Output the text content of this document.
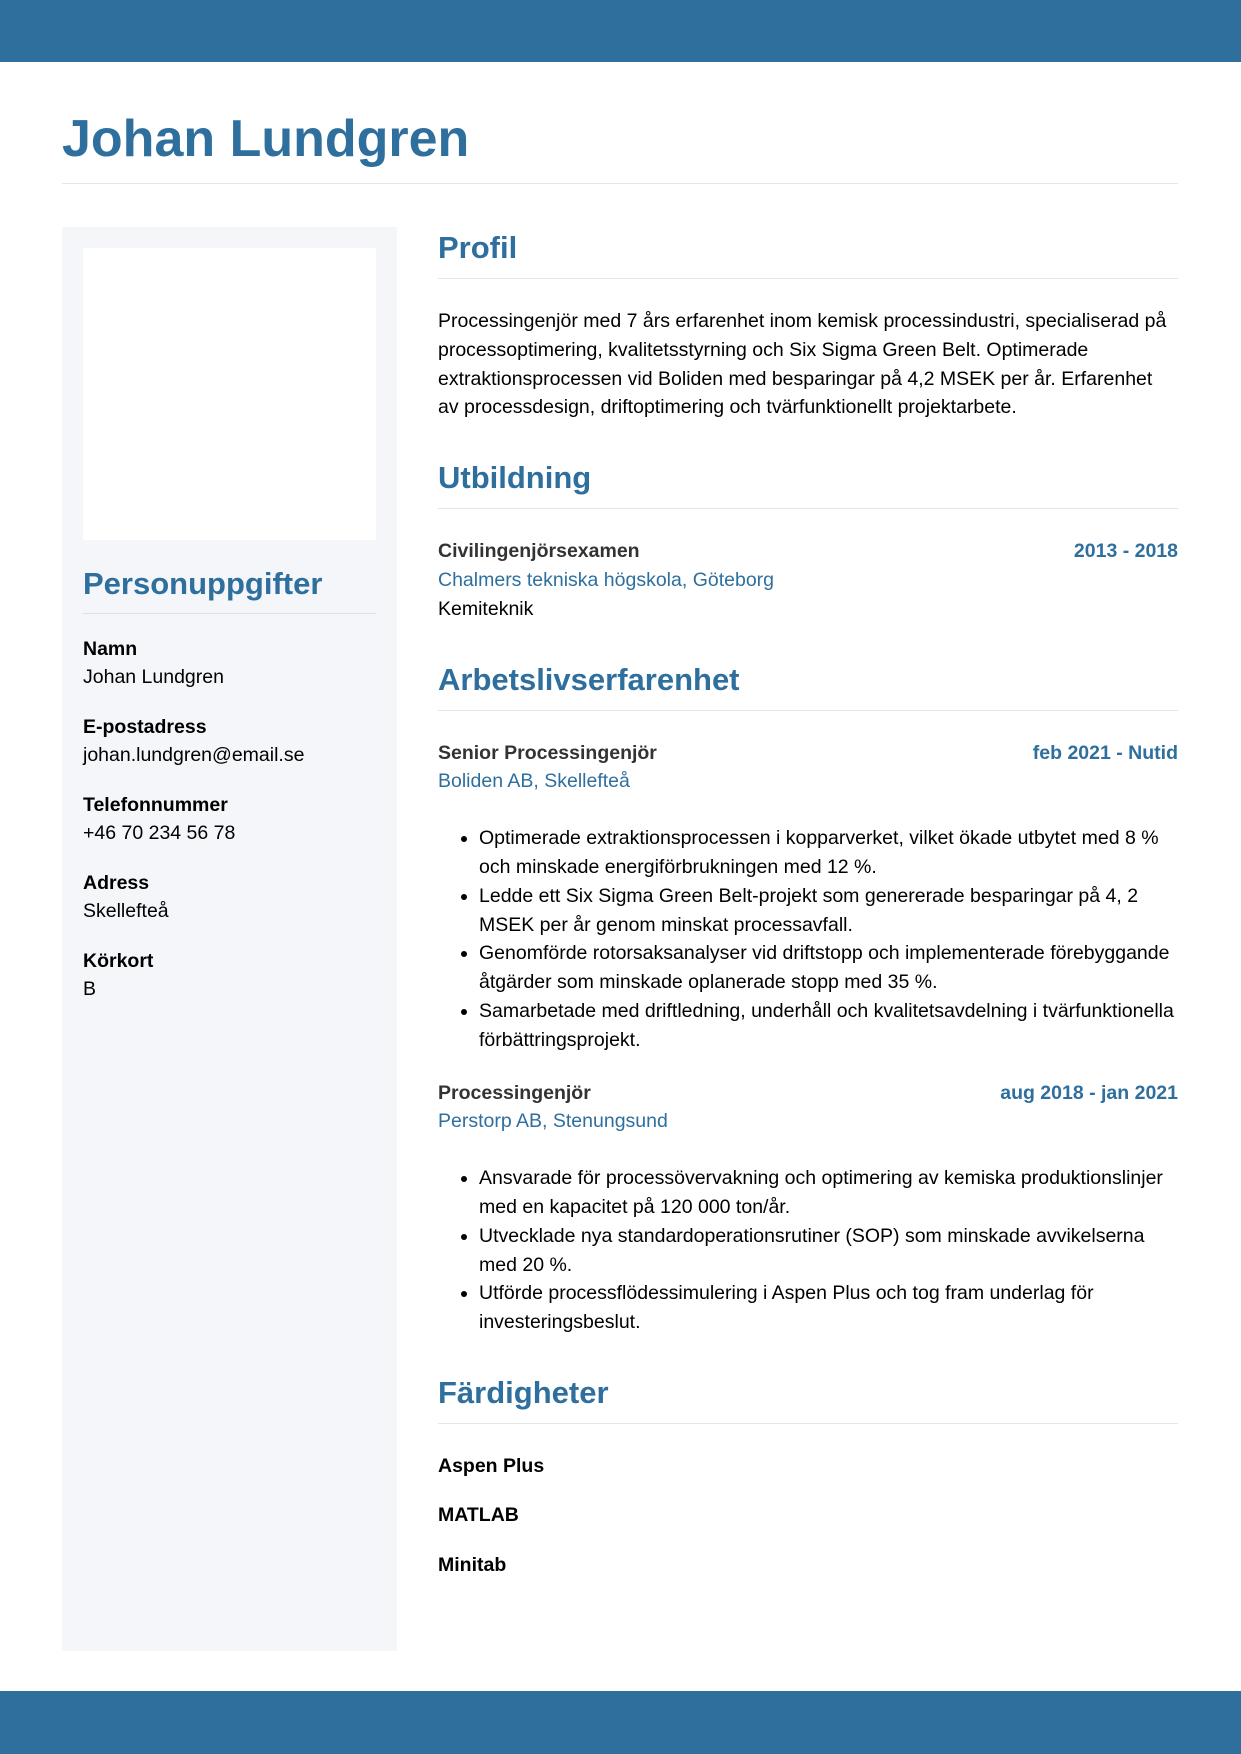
Johan Lundgren
Personuppgifter
Namn
Johan Lundgren
E-postadress
johan.lundgren@email.se
Telefonnummer
+46 70 234 56 78
Adress
Skellefteå
Körkort
B
Profil

Processingenjör med 7 års erfarenhet inom kemisk processindustri, specialiserad på processoptimering, kvalitetsstyrning och Six Sigma Green Belt. Optimerade extraktionsprocessen vid Boliden med besparingar på 4,2 MSEK per år. Erfarenhet av processdesign, driftoptimering och tvärfunktionellt projektarbete.

Utbildning
Civilingenjörsexamen	2013 - 2018
Chalmers tekniska högskola, Göteborg
Kemiteknik
Arbetslivserfarenhet
Senior Processingenjör	feb 2021 - Nutid
Boliden AB, Skellefteå
• Optimerade extraktionsprocessen i kopparverket, vilket ökade utbytet med 8 % och minskade energiförbrukningen med 12 %.
• Ledde ett Six Sigma Green Belt-projekt som genererade besparingar på 4, 2 MSEK per år genom minskat processavfall.
• Genomförde rotorsaksanalyser vid driftstopp och implementerade förebyggande åtgärder som minskade oplanerade stopp med 35 %.
• Samarbetade med driftledning, underhåll och kvalitetsavdelning i tvärfunktionella förbättringsprojekt.
Processingenjör	aug 2018 - jan 2021
Perstorp AB, Stenungsund
• Ansvarade för processövervakning och optimering av kemiska produktionslinjer med en kapacitet på 120 000 ton/år.
• Utvecklade nya standardoperationsrutiner (SOP) som minskade avvikelserna med 20 %.
• Utförde processflödessimulering i Aspen Plus och tog fram underlag för investeringsbeslut.
Färdigheter
Aspen Plus
MATLAB
Minitab
